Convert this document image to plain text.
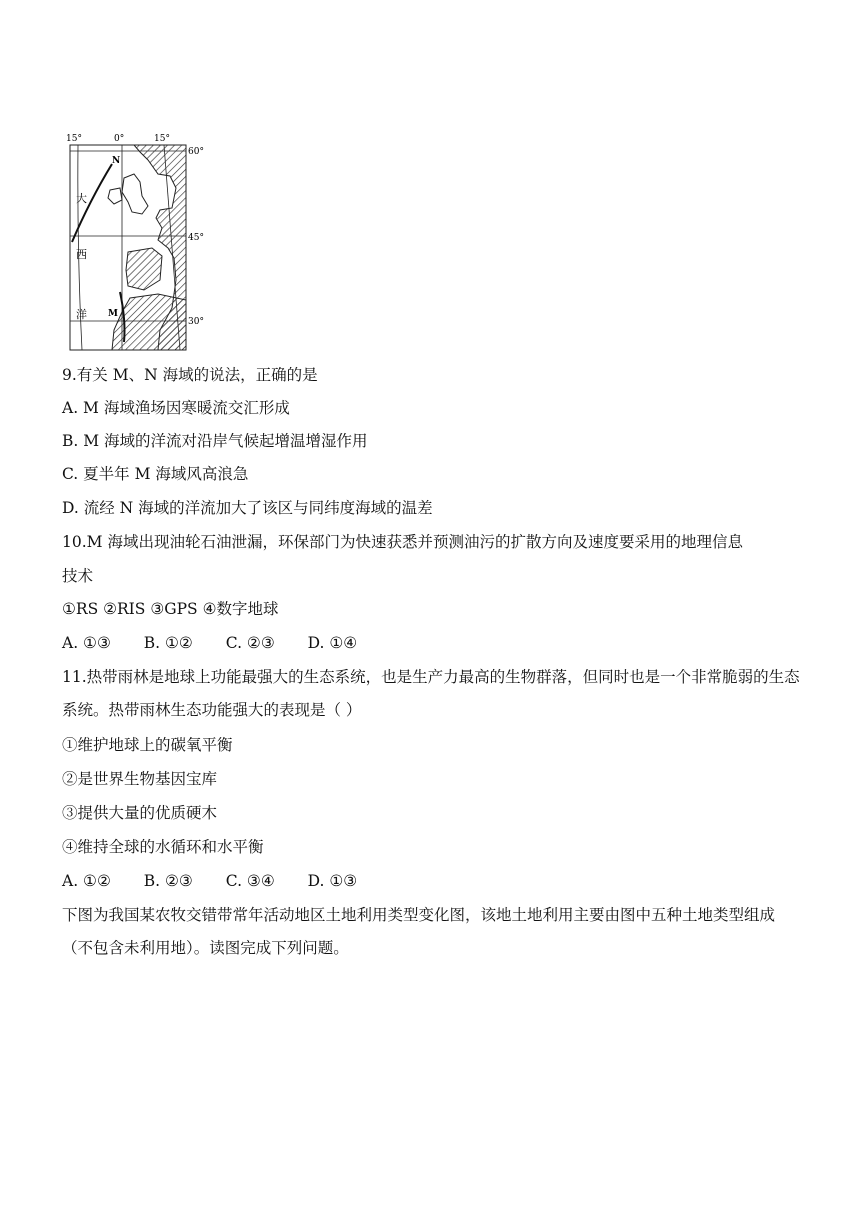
15°	0°	15°
60°
45°
30°
大
西
洋
N
M
9.有关 M、N 海域的说法，正确的是
A. M 海域渔场因寒暖流交汇形成
B. M 海域的洋流对沿岸气候起增温增湿作用
C. 夏半年 M 海域风高浪急
D. 流经 N 海域的洋流加大了该区与同纬度海域的温差
10.M 海域出现油轮石油泄漏，环保部门为快速获悉并预测油污的扩散方向及速度要采用的地理信息
技术
①RS ②RIS ③GPS ④数字地球
A. ①③ B. ①② C. ②③ D. ①④
11.热带雨林是地球上功能最强大的生态系统，也是生产力最高的生物群落，但同时也是一个非常脆弱的生态系统。热带雨林生态功能强大的表现是（ ）
①维护地球上的碳氧平衡
②是世界生物基因宝库
③提供大量的优质硬木
④维持全球的水循环和水平衡
A. ①② B. ②③ C. ③④ D. ①③
下图为我国某农牧交错带常年活动地区土地利用类型变化图，该地土地利用主要由图中五种土地类型组成（不包含未利用地）。读图完成下列问题。
